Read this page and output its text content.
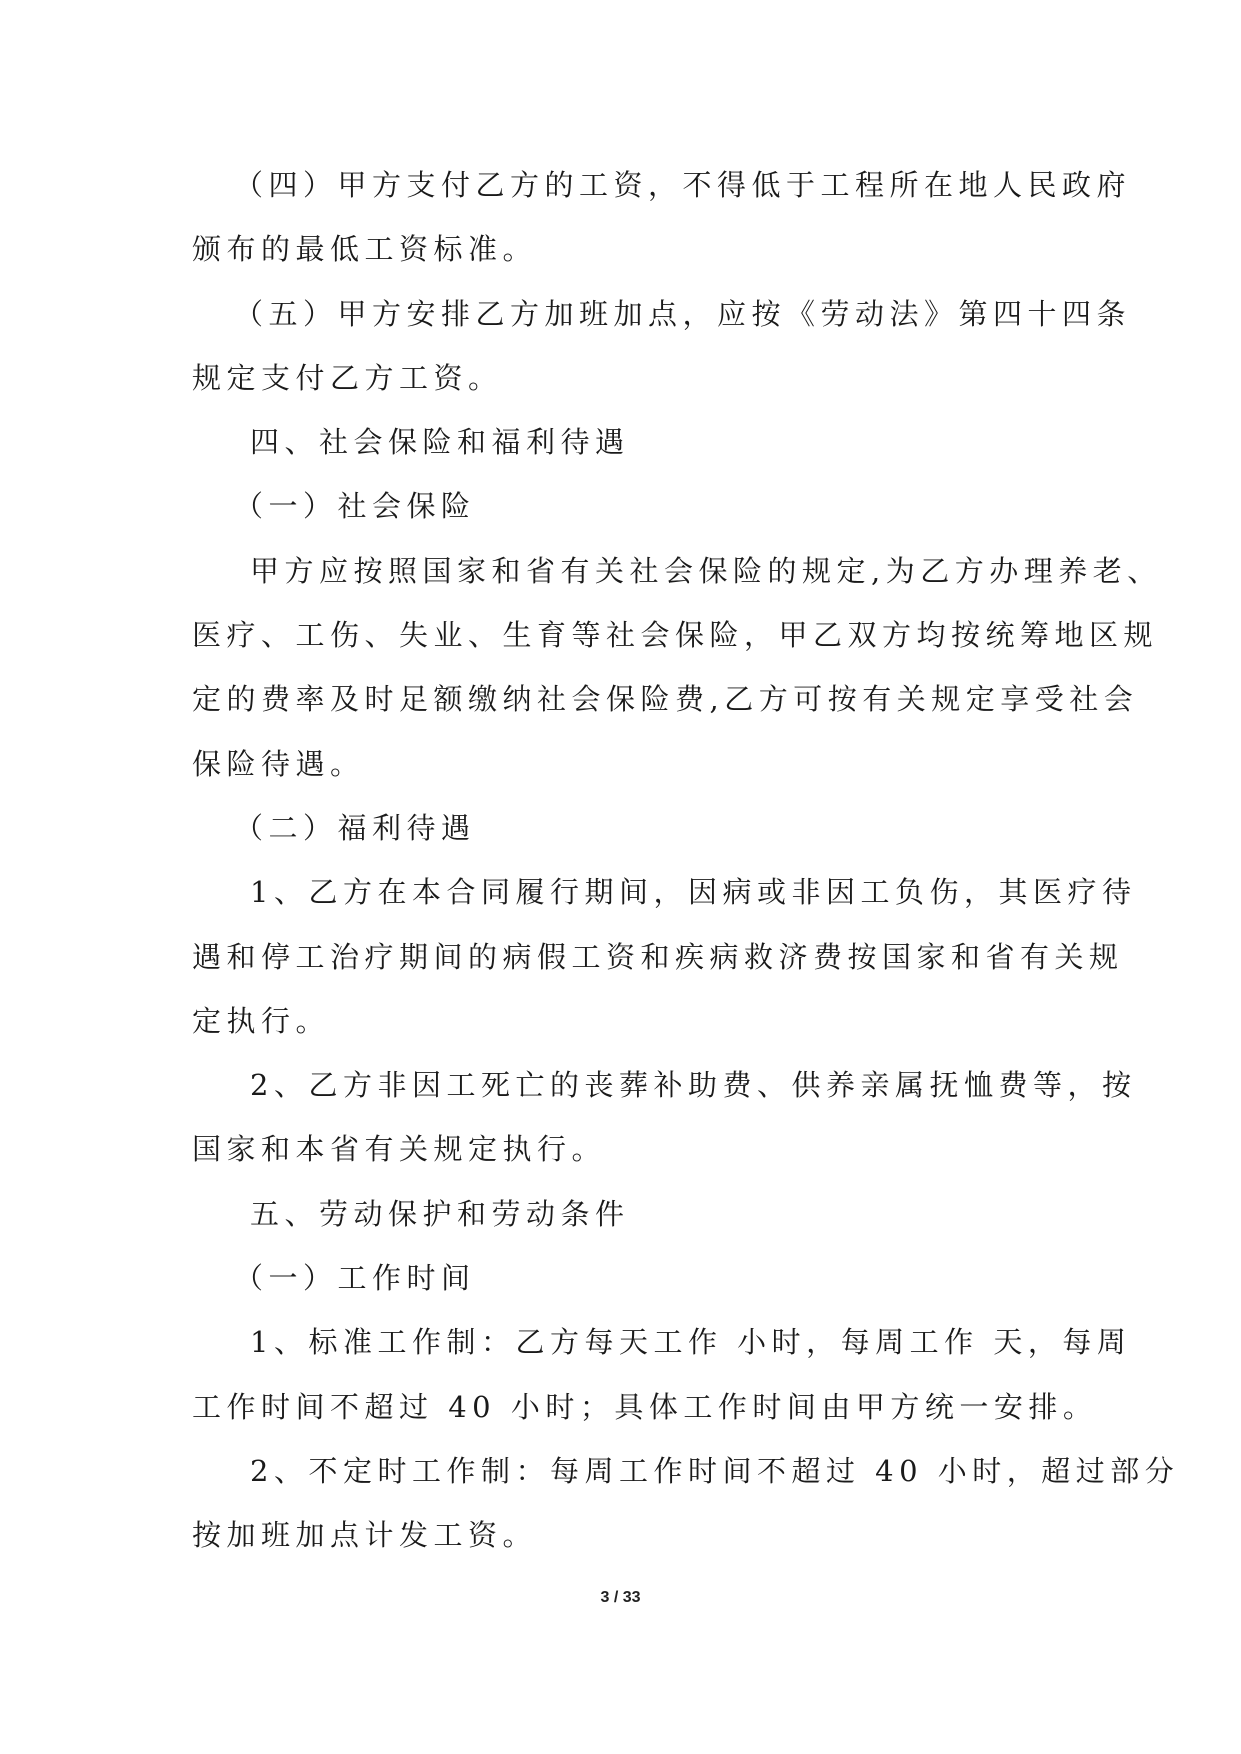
（四）甲方支付乙方的工资，不得低于工程所在地人民政府
颁布的最低工资标准。
（五）甲方安排乙方加班加点，应按《劳动法》第四十四条
规定支付乙方工资。
四、社会保险和福利待遇
（一）社会保险
甲方应按照国家和省有关社会保险的规定,为乙方办理养老、
医疗、工伤、失业、生育等社会保险，甲乙双方均按统筹地区规
定的费率及时足额缴纳社会保险费,乙方可按有关规定享受社会
保险待遇。
（二）福利待遇
1、乙方在本合同履行期间，因病或非因工负伤，其医疗待
遇和停工治疗期间的病假工资和疾病救济费按国家和省有关规
定执行。
2、乙方非因工死亡的丧葬补助费、供养亲属抚恤费等，按
国家和本省有关规定执行。
五、劳动保护和劳动条件
（一）工作时间
1、标准工作制：乙方每天工作 小时，每周工作 天，每周
工作时间不超过 40 小时；具体工作时间由甲方统一安排。
2、不定时工作制：每周工作时间不超过 40 小时，超过部分
按加班加点计发工资。

3 / 33
